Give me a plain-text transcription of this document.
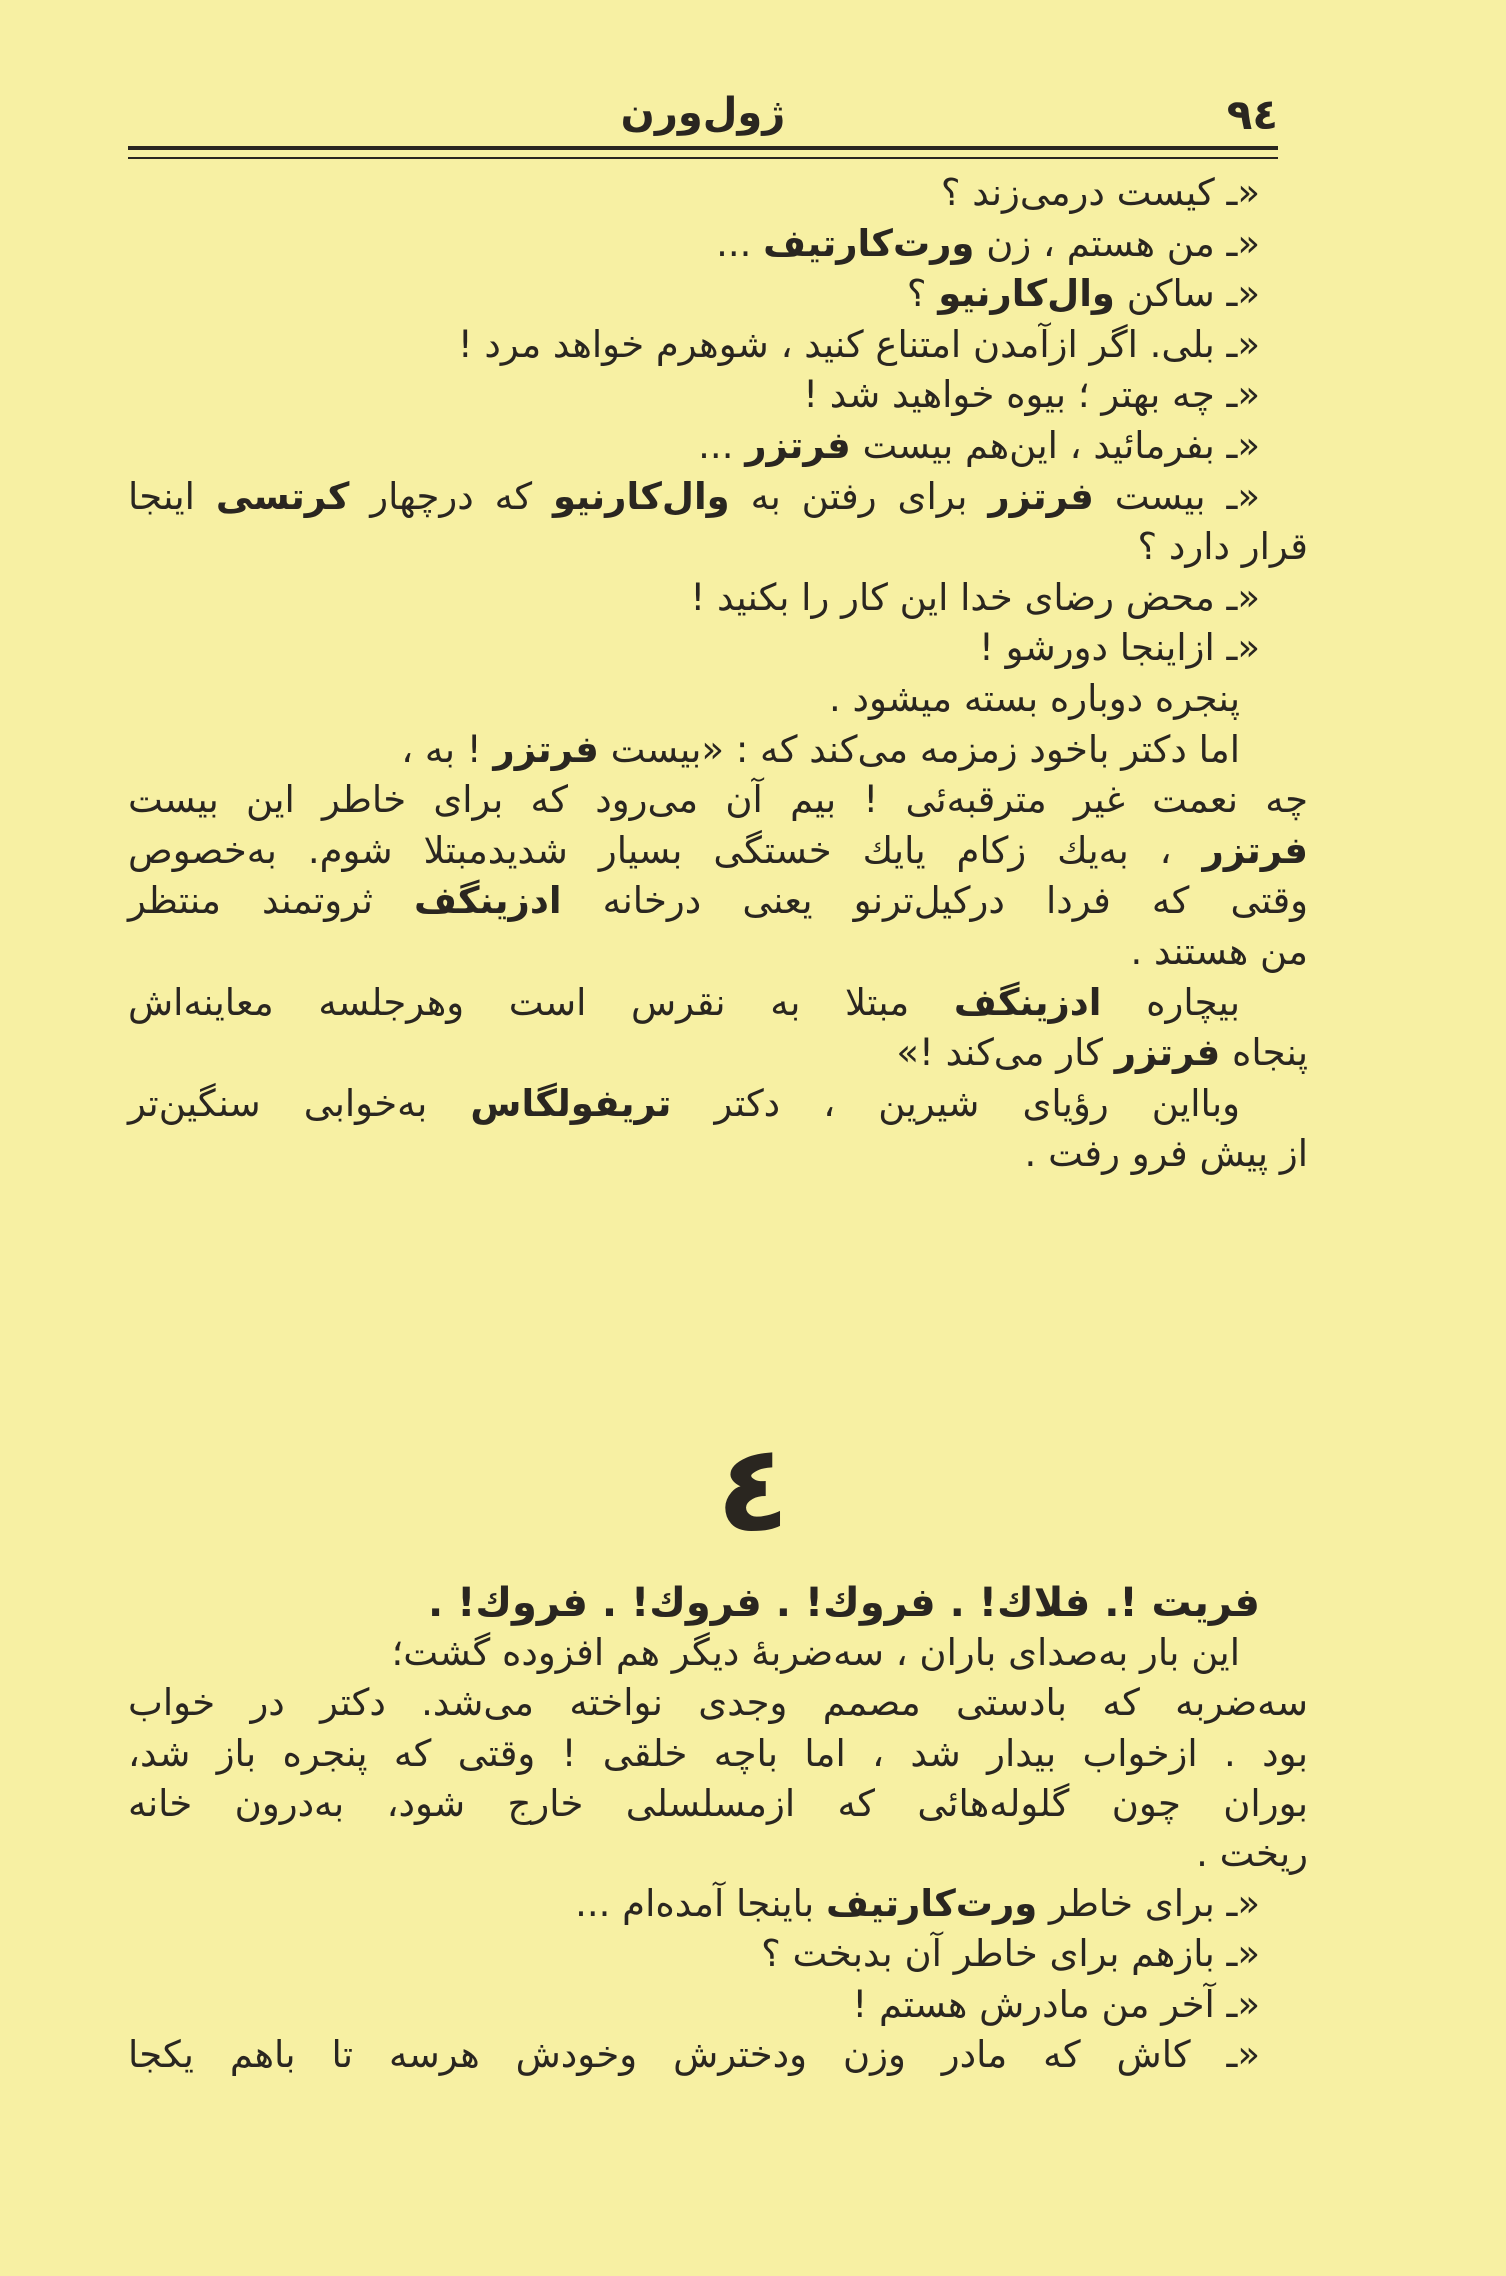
۹٤
ژول‌ورن
«ـ کیست درمی‌زند ؟
«ـ من هستم ، زن ورت‌کارتیف ...
«ـ ساکن وال‌کارنیو ؟
«ـ بلی. اگر ازآمدن امتناع کنید ، شوهرم خواهد مرد !
«ـ چه بهتر ؛ بیوه خواهید شد !
«ـ بفرمائید ، این‌هم بیست فرتزر ...
«ـ بیست فرتزر برای رفتن به وال‌کارنیو که درچهار کرتسی اینجا
قرار دارد ؟
«ـ محض رضای خدا این کار را بکنید !
«ـ ازاینجا دورشو !
پنجره دوباره بسته میشود .
اما دکتر باخود زمزمه می‌کند که : «بیست فرتزر ! به ،
چه نعمت غیر مترقبه‌ئی ! بیم آن می‌رود که برای خاطر این بیست
فرتزر ، به‌یك زکام یایك خستگی بسیار شدیدمبتلا شوم. به‌خصوص
وقتی که فردا درکیل‌ترنو یعنی درخانه ادزینگف ثروتمند منتظر
من هستند .
بیچاره ادزینگف مبتلا به نقرس است وهرجلسه معاینه‌اش
پنجاه فرتزر کار می‌کند !»
وبااین رؤیای شیرین ، دکتر تریفولگاس به‌خوابی سنگین‌تر
از پیش فرو رفت .
٤
فریت !. فلاك! . فروك! . فروك! . فروك! .
این بار به‌صدای باران ، سه‌ضربهٔ دیگر هم افزوده گشت؛
سه‌ضربه که بادستی مصمم وجدی نواخته می‌شد. دکتر در خواب
بود . ازخواب بیدار شد ، اما باچه خلقی ! وقتی که پنجره باز شد،
بوران چون گلوله‌هائی که ازمسلسلی خارج شود، به‌درون خانه
ریخت .
«ـ برای خاطر ورت‌کارتیف باینجا آمده‌ام ...
«ـ بازهم برای خاطر آن بدبخت ؟
«ـ آخر من مادرش هستم !
«ـ کاش که مادر وزن ودخترش وخودش هرسه تا باهم یکجا
